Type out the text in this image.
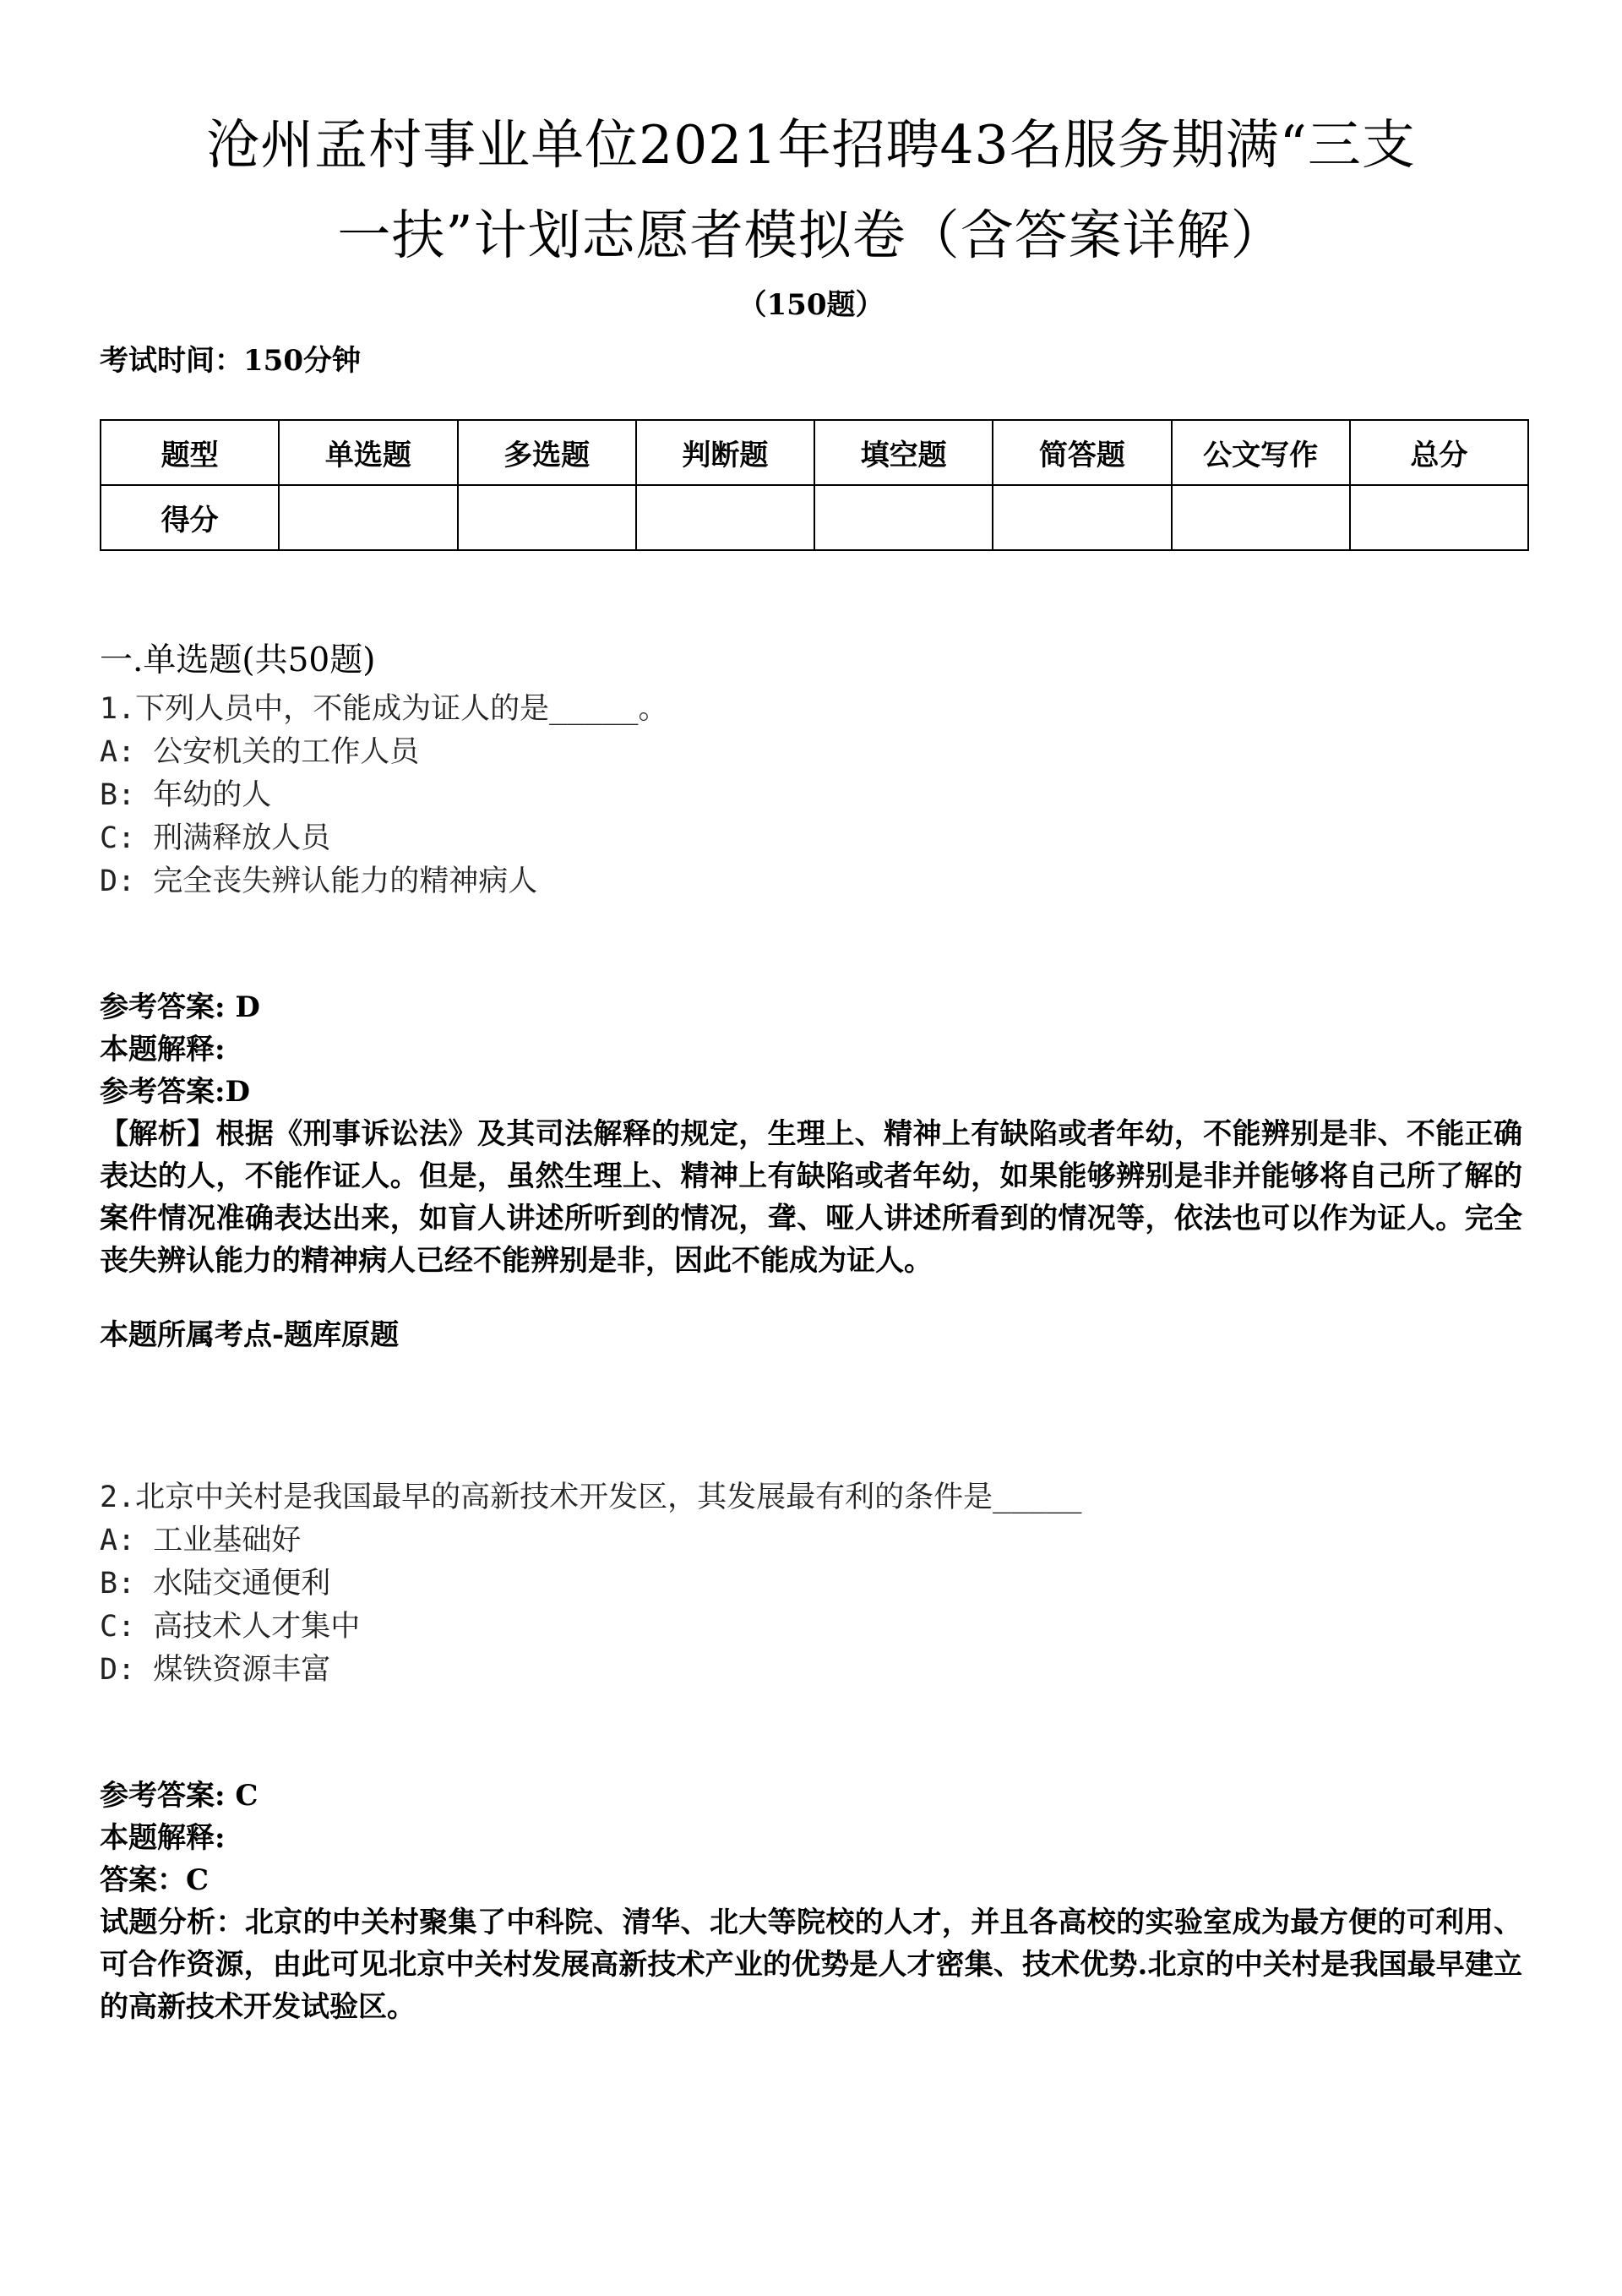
沧州孟村事业单位2021年招聘43名服务期满“三支
一扶”计划志愿者模拟卷（含答案详解）
（150题）
考试时间：150分钟
题型	单选题	多选题	判断题	填空题	简答题	公文写作	总分
得分							
一.单选题(共50题)
1.下列人员中，不能成为证人的是_____。
A: 公安机关的工作人员
B: 年幼的人
C: 刑满释放人员
D: 完全丧失辨认能力的精神病人
参考答案: D
本题解释:
参考答案:D
【解析】根据《刑事诉讼法》及其司法解释的规定，生理上、精神上有缺陷或者年幼，不能辨别是非、不能正确表达的人，不能作证人。但是，虽然生理上、精神上有缺陷或者年幼，如果能够辨别是非并能够将自己所了解的案件情况准确表达出来，如盲人讲述所听到的情况，聋、哑人讲述所看到的情况等，依法也可以作为证人。完全丧失辨认能力的精神病人已经不能辨别是非，因此不能成为证人。
本题所属考点-题库原题
2.北京中关村是我国最早的高新技术开发区，其发展最有利的条件是_____
A: 工业基础好
B: 水陆交通便利
C: 高技术人才集中
D: 煤铁资源丰富
参考答案: C
本题解释:
答案：C
试题分析：北京的中关村聚集了中科院、清华、北大等院校的人才，并且各高校的实验室成为最方便的可利用、可合作资源，由此可见北京中关村发展高新技术产业的优势是人才密集、技术优势.北京的中关村是我国最早建立的高新技术开发试验区。
